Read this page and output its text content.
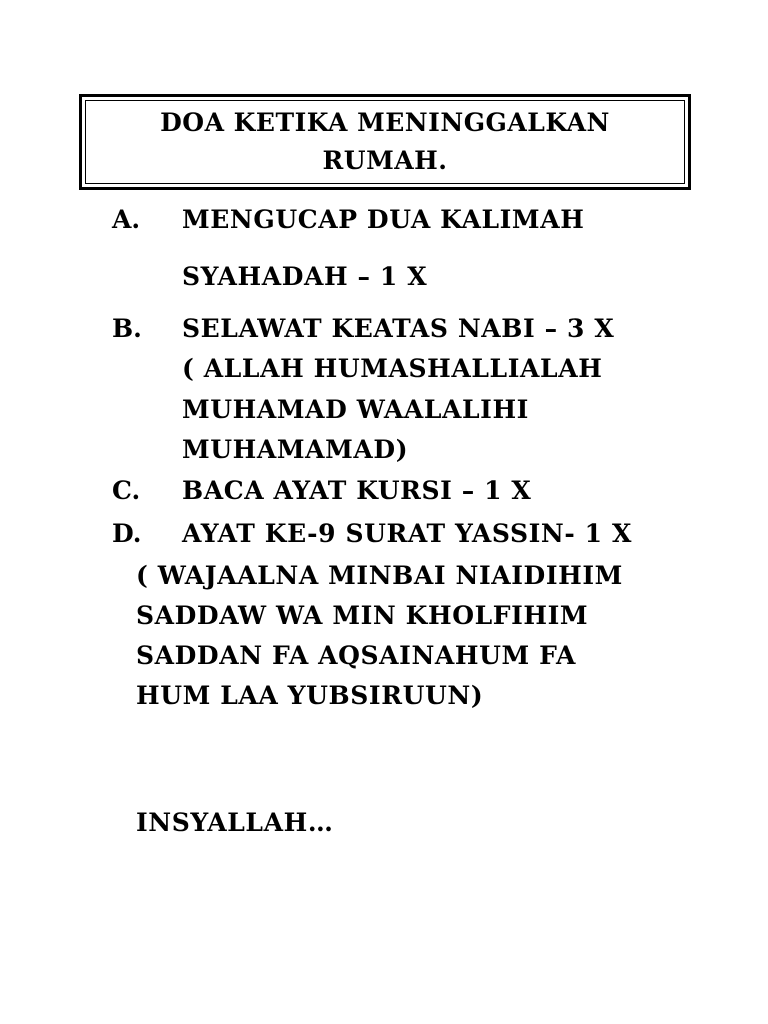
DOA KETIKA MENINGGALKAN
RUMAH.
A. MENGUCAP DUA KALIMAH
SYAHADAH – 1 X
B. SELAWAT KEATAS NABI – 3 X
( ALLAH HUMASHALLIALAH
MUHAMAD WAALALIHI
MUHAMAMAD)
C. BACA AYAT KURSI – 1 X
D. AYAT KE-9 SURAT YASSIN- 1 X
( WAJAALNA MINBAI NIAIDIHIM
SADDAW WA MIN KHOLFIHIM
SADDAN FA AQSAINAHUM FA
HUM LAA YUBSIRUUN)
INSYALLAH…
